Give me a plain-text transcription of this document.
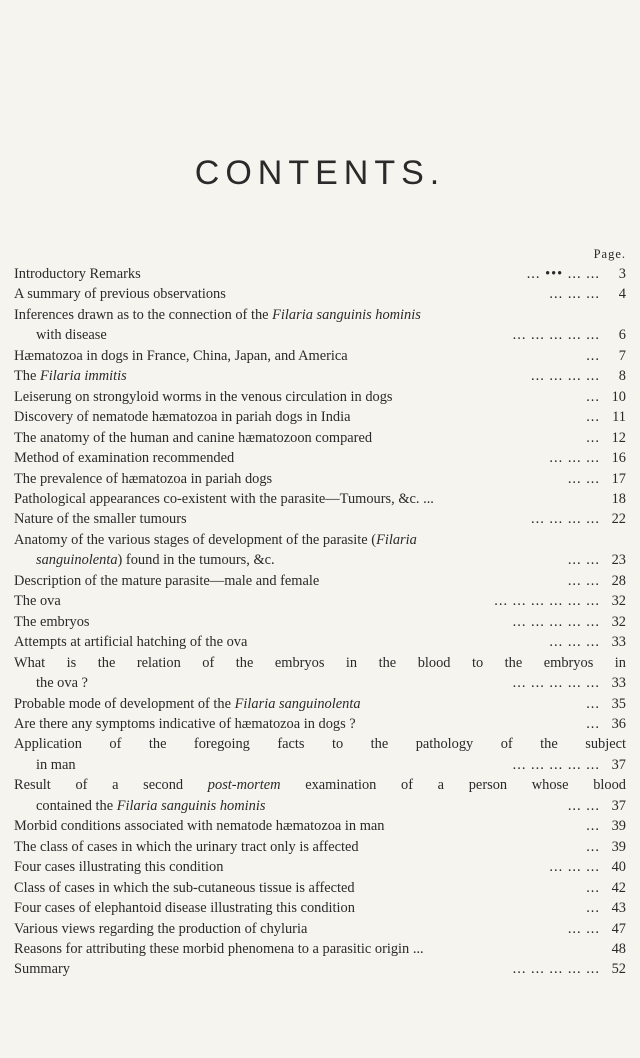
CONTENTS.
Page.
Introductory Remarks	... ••• ... ...	3
A summary of previous observations	... ... ...	4
Inferences drawn as to the connection of the Filaria sanguinis hominis
with disease	... ... ... ... ...	6
Hæmatozoa in dogs in France, China, Japan, and America	...	7
The Filaria immitis	... ... ... ...	8
Leiserung on strongyloid worms in the venous circulation in dogs	... 10
Discovery of nematode hæmatozoa in pariah dogs in India	... 11
The anatomy of the human and canine hæmatozoon compared	... 12
Method of examination recommended	... ... ... 16
The prevalence of hæmatozoa in pariah dogs	... ... 17
Pathological appearances co-existent with the parasite—Tumours, &c. ...	18
Nature of the smaller tumours	... ... ... ... 22
Anatomy of the various stages of development of the parasite (Filaria
sanguinolenta) found in the tumours, &c.	... ... 23
Description of the mature parasite—male and female	... ... 28
The ova	... ... ... ... ... ... 32
The embryos	... ... ... ... ... 32
Attempts at artificial hatching of the ova	... ... ... 33
What is the relation of the embryos in the blood to the embryos in
the ova ?	... ... ... ... ... 33
Probable mode of development of the Filaria sanguinolenta	... 35
Are there any symptoms indicative of hæmatozoa in dogs ?	... 36
Application of the foregoing facts to the pathology of the subject
in man	... ... ... ... ... 37
Result of a second post-mortem examination of a person whose blood
contained the Filaria sanguinis hominis	... ... 37
Morbid conditions associated with nematode hæmatozoa in man	... 39
The class of cases in which the urinary tract only is affected	... 39
Four cases illustrating this condition	... ... ... 40
Class of cases in which the sub-cutaneous tissue is affected	... 42
Four cases of elephantoid disease illustrating this condition	... 43
Various views regarding the production of chyluria	... ... 47
Reasons for attributing these morbid phenomena to a parasitic origin ...	48
Summary	... ... ... ... ... 52
